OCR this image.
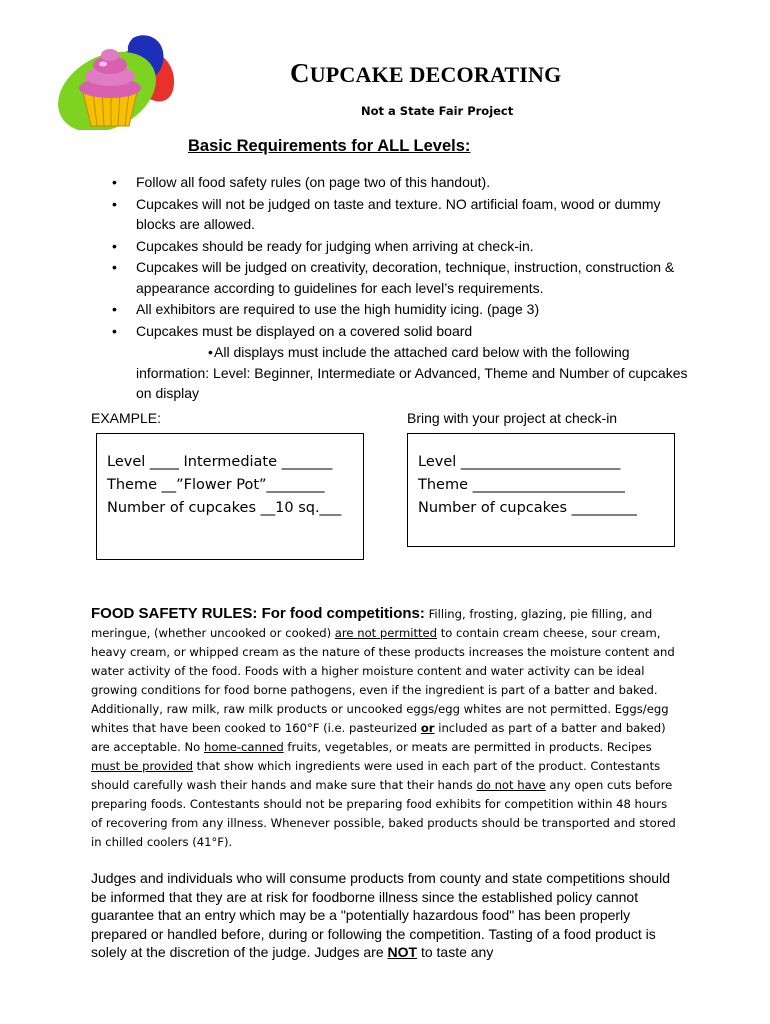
CUPCAKE DECORATING
Not a State Fair Project
Basic Requirements for ALL Levels:
• Follow all food safety rules (on page two of this handout).
• Cupcakes will not be judged on taste and texture. NO artificial foam, wood or dummy blocks are allowed.
• Cupcakes should be ready for judging when arriving at check-in.
• Cupcakes will be judged on creativity, decoration, technique, instruction, construction & appearance according to guidelines for each level’s requirements.
• All exhibitors are required to use the high humidity icing. (page 3)
• Cupcakes must be displayed on a covered solid board
All displays must include the attached card below with the following information: Level: Beginner, Intermediate or Advanced, Theme and Number of cupcakes on display
•
EXAMPLE:	Bring with your project at check-in
Level ____ Intermediate _______
Theme __”Flower Pot”________
Number of cupcakes __10 sq.___
Level ______________________
Theme _____________________
Number of cupcakes _________

FOOD SAFETY RULES: For food competitions: Filling, frosting, glazing, pie filling, and meringue, (whether uncooked or cooked) are not permitted to contain cream cheese, sour cream, heavy cream, or whipped cream as the nature of these products increases the moisture content and water activity of the food. Foods with a higher moisture content and water activity can be ideal growing conditions for food borne pathogens, even if the ingredient is part of a batter and baked. Additionally, raw milk, raw milk products or uncooked eggs/egg whites are not permitted. Eggs/egg whites that have been cooked to 160°F (i.e. pasteurized or included as part of a batter and baked) are acceptable. No home-canned fruits, vegetables, or meats are permitted in products. Recipes must be provided that show which ingredients were used in each part of the product. Contestants should carefully wash their hands and make sure that their hands do not have any open cuts before preparing foods. Contestants should not be preparing food exhibits for competition within 48 hours of recovering from any illness. Whenever possible, baked products should be transported and stored in chilled coolers (41°F).

Judges and individuals who will consume products from county and state competitions should be informed that they are at risk for foodborne illness since the established policy cannot guarantee that an entry which may be a "potentially hazardous food" has been properly prepared or handled before, during or following the competition. Tasting of a food product is solely at the discretion of the judge. Judges are NOT to taste any
